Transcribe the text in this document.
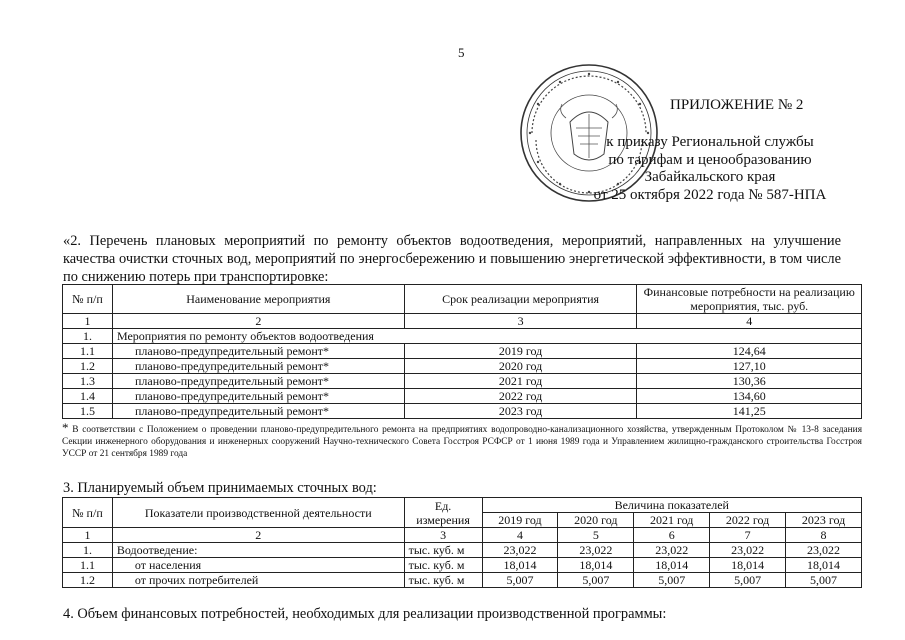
5
ПРИЛОЖЕНИЕ № 2
к приказу Региональной службы
по тарифам и ценообразованию
Забайкальского края
от 25 октября 2022 года № 587-НПА
«2. Перечень плановых мероприятий по ремонту объектов водоотведения, мероприятий, направленных на улучшение качества очистки сточных вод, мероприятий по энергосбережению и повышению энергетической эффективности, в том числе по снижению потерь при транспортировке:
№ п/п	Наименование мероприятия	Срок реализации мероприятия	Финансовые потребности на реализацию мероприятия, тыс. руб.
1	2	3	4
1.	Мероприятия по ремонту объектов водоотведения		
1.1	планово-предупредительный ремонт*	2019 год	124,64
1.2	планово-предупредительный ремонт*	2020 год	127,10
1.3	планово-предупредительный ремонт*	2021 год	130,36
1.4	планово-предупредительный ремонт*	2022 год	134,60
1.5	планово-предупредительный ремонт*	2023 год	141,25
* В соответствии с Положением о проведении планово-предупредительного ремонта на предприятиях водопроводно-канализационного хозяйства, утвержденным Протоколом № 13-8 заседания Секции инженерного оборудования и инженерных сооружений Научно-технического Совета Госстроя РСФСР от 1 июня 1989 года и Управлением жилищно-гражданского строительства Госстроя УССР от 21 сентября 1989 года
3. Планируемый объем принимаемых сточных вод:
№ п/п	Показатели производственной деятельности	Ед. измерения	Величина показателей				
			2019 год	2020 год	2021 год	2022 год	2023 год
1	2	3	4	5	6	7	8
1.	Водоотведение:	тыс. куб. м	23,022	23,022	23,022	23,022	23,022
1.1	от населения	тыс. куб. м	18,014	18,014	18,014	18,014	18,014
1.2	от прочих потребителей	тыс. куб. м	5,007	5,007	5,007	5,007	5,007
4. Объем финансовых потребностей, необходимых для реализации производственной программы:
